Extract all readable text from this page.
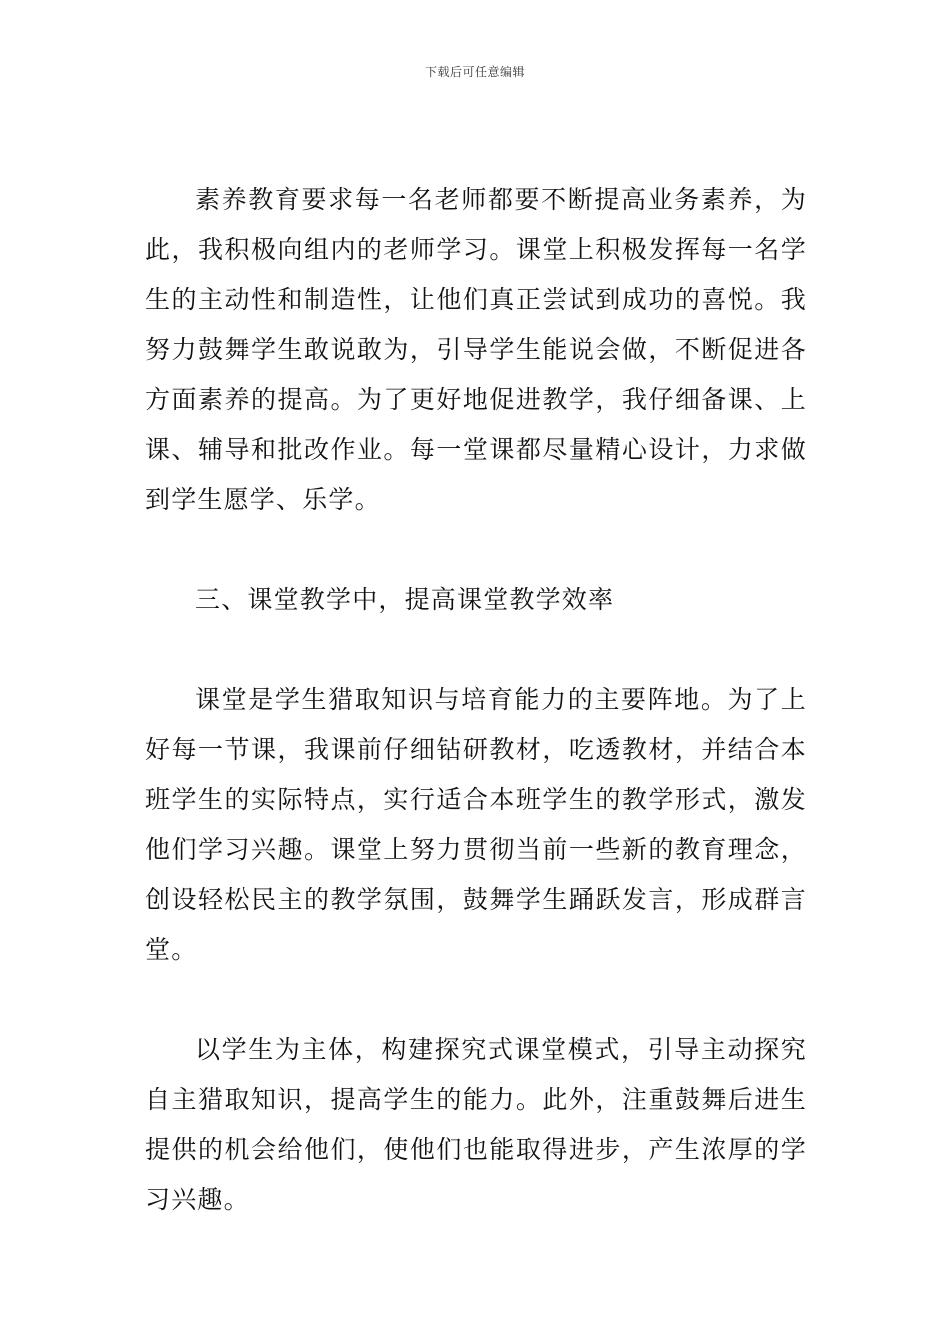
下载后可任意编辑

素养教育要求每一名老师都要不断提高业务素养，为此，我积极向组内的老师学习。课堂上积极发挥每一名学生的主动性和制造性，让他们真正尝试到成功的喜悦。我努力鼓舞学生敢说敢为，引导学生能说会做，不断促进各方面素养的提高。为了更好地促进教学，我仔细备课、上课、辅导和批改作业。每一堂课都尽量精心设计，力求做到学生愿学、乐学。

三、课堂教学中，提高课堂教学效率

课堂是学生猎取知识与培育能力的主要阵地。为了上好每一节课，我课前仔细钻研教材，吃透教材，并结合本班学生的实际特点，实行适合本班学生的教学形式，激发他们学习兴趣。课堂上努力贯彻当前一些新的教育理念，创设轻松民主的教学氛围，鼓舞学生踊跃发言，形成群言堂。

以学生为主体，构建探究式课堂模式，引导主动探究自主猎取知识，提高学生的能力。此外，注重鼓舞后进生提供的机会给他们，使他们也能取得进步，产生浓厚的学习兴趣。
